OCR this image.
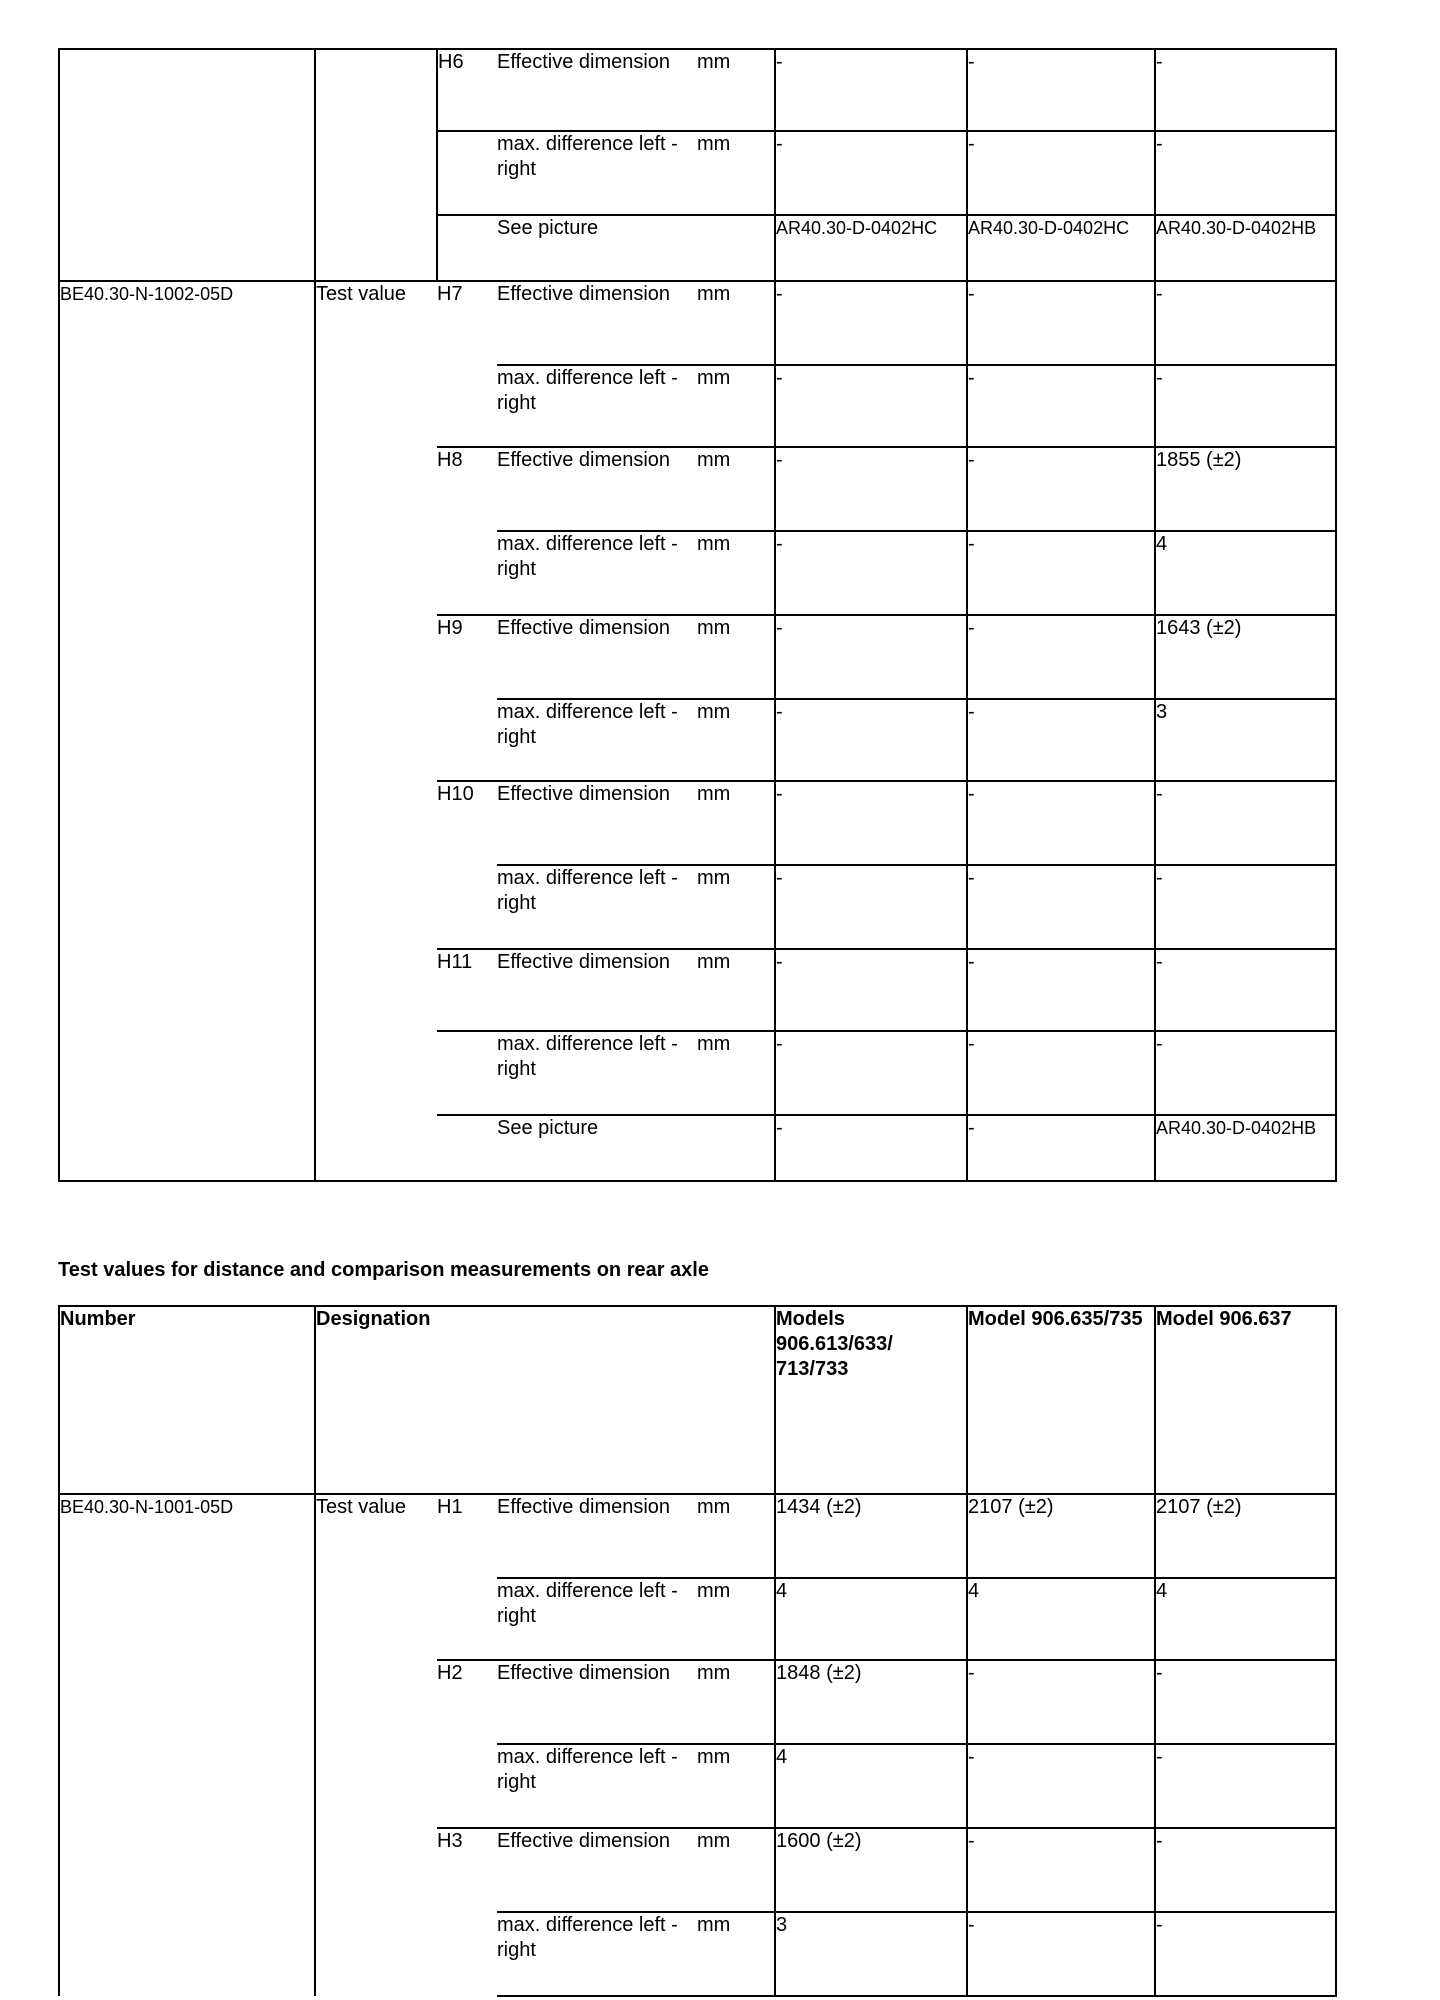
		H6	Effective dimension	mm	-	-	-
			max. difference left - right	mm	-	-	-
			See picture		AR40.30-D-0402HC	AR40.30-D-0402HC	AR40.30-D-0402HB
BE40.30-N-1002-05D	Test value	H7	Effective dimension	mm	-	-	-
			max. difference left - right	mm	-	-	-
		H8	Effective dimension	mm	-	-	1855 (±2)
			max. difference left - right	mm	-	-	4
		H9	Effective dimension	mm	-	-	1643 (±2)
			max. difference left - right	mm	-	-	3
		H10	Effective dimension	mm	-	-	-
			max. difference left - right	mm	-	-	-
		H11	Effective dimension	mm	-	-	-
			max. difference left - right	mm	-	-	-
			See picture		-	-	AR40.30-D-0402HB

Test values for distance and comparison measurements on rear axle

Number	Designation				Models 906.613/633/ 713/733	Model 906.635/735	Model 906.637
BE40.30-N-1001-05D	Test value	H1	Effective dimension	mm	1434 (±2)	2107 (±2)	2107 (±2)
			max. difference left - right	mm	4	4	4
		H2	Effective dimension	mm	1848 (±2)	-	-
			max. difference left - right	mm	4	-	-
		H3	Effective dimension	mm	1600 (±2)	-	-
			max. difference left - right	mm	3	-	-
